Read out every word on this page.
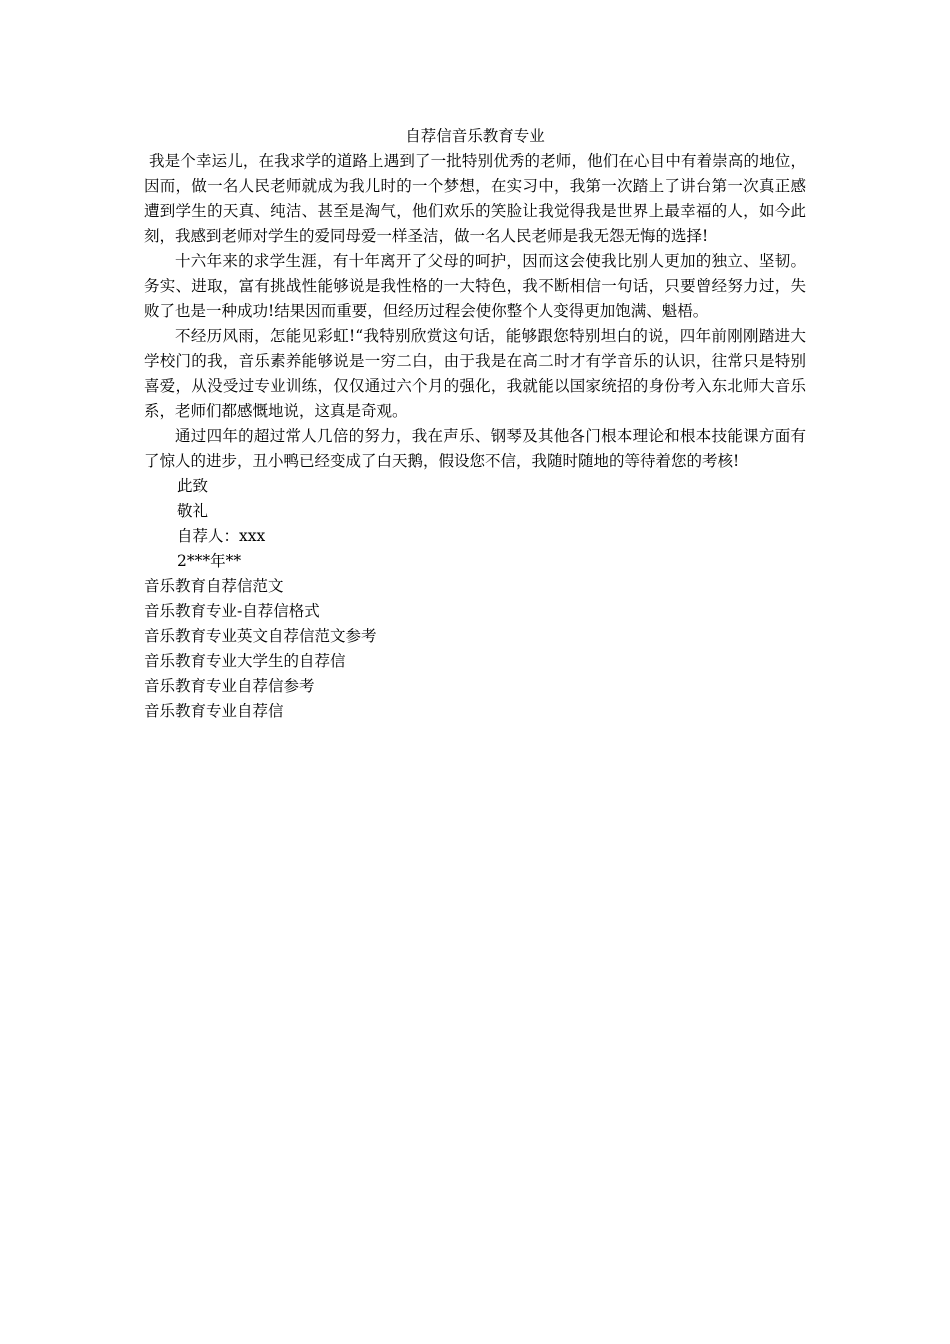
自荐信音乐教育专业

我是个幸运儿，在我求学的道路上遇到了一批特别优秀的老师，他们在心目中有着崇高的地位，因而，做一名人民老师就成为我儿时的一个梦想，在实习中，我第一次踏上了讲台第一次真正感遭到学生的天真、纯洁、甚至是淘气，他们欢乐的笑脸让我觉得我是世界上最幸福的人，如今此刻，我感到老师对学生的爱同母爱一样圣洁，做一名人民老师是我无怨无悔的选择!

十六年来的求学生涯，有十年离开了父母的呵护，因而这会使我比别人更加的独立、坚韧。务实、进取，富有挑战性能够说是我性格的一大特色，我不断相信一句话，只要曾经努力过，失败了也是一种成功!结果因而重要，但经历过程会使你整个人变得更加饱满、魁梧。

不经历风雨，怎能见彩虹!“我特别欣赏这句话，能够跟您特别坦白的说，四年前刚刚踏进大学校门的我，音乐素养能够说是一穷二白，由于我是在高二时才有学音乐的认识，往常只是特别喜爱，从没受过专业训练，仅仅通过六个月的强化，我就能以国家统招的身份考入东北师大音乐系，老师们都感慨地说，这真是奇观。

通过四年的超过常人几倍的努力，我在声乐、钢琴及其他各门根本理论和根本技能课方面有了惊人的进步，丑小鸭已经变成了白天鹅，假设您不信，我随时随地的等待着您的考核!

此致

敬礼

自荐人：xxx

2***年**

音乐教育自荐信范文
音乐教育专业-自荐信格式
音乐教育专业英文自荐信范文参考
音乐教育专业大学生的自荐信
音乐教育专业自荐信参考
音乐教育专业自荐信
